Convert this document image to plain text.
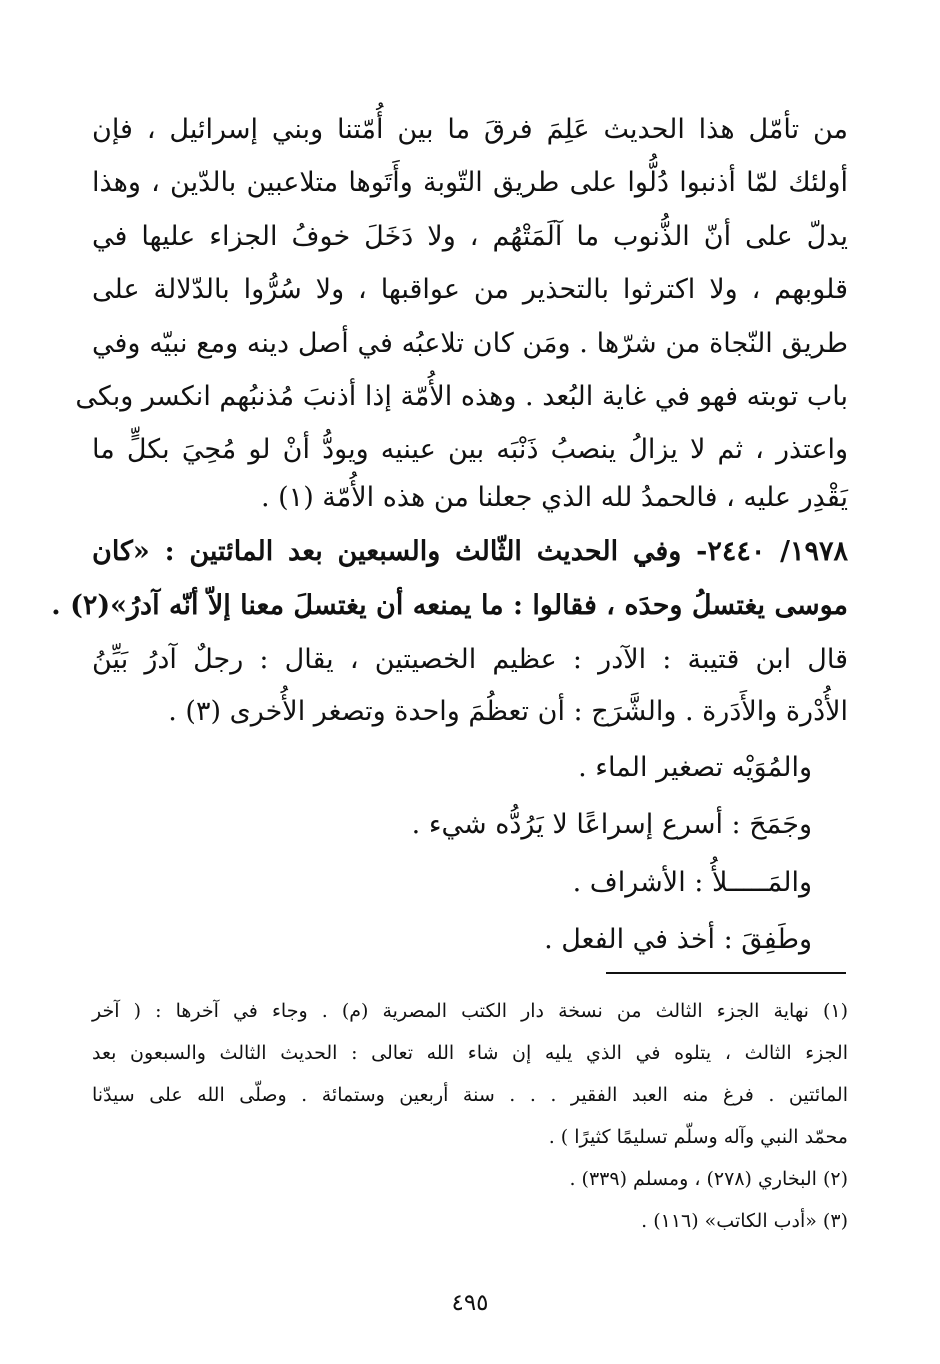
من تأمّل هذا الحديث عَلِمَ فرقَ ما بين أُمّتنا وبني إسرائيل ، فإن
أولئك لمّا أذنبوا دُلُّوا على طريق التّوبة وأَتَوها متلاعبين بالدّين ، وهذا
يدلّ على أنّ الذُّنوب ما آلَمَتْهُم ، ولا دَخَلَ خوفُ الجزاء عليها في
قلوبهم ، ولا اكترثوا بالتحذير من عواقبها ، ولا سُرُّوا بالدّلالة على
طريق النّجاة من شرّها . ومَن كان تلاعبُه في أصل دينه ومع نبيّه وفي
باب توبته فهو في غاية البُعد . وهذه الأُمّة إذا أذنبَ مُذنبُهم انكسر وبكى
واعتذر ، ثم لا يزالُ ينصبُ ذَنْبَه بين عينيه ويودُّ أنْ لو مُحِيَ بكلٍّ ما
يَقْدِر عليه ، فالحمدُ لله الذي جعلنا من هذه الأُمّة (١) .
١٩٧٨/ ٢٤٤٠- وفي الحديث الثّالث والسبعين بعد المائتين : «كان
موسى يغتسلُ وحدَه ، فقالوا : ما يمنعه أن يغتسلَ معنا إلاّ أنّه آدرُ»(٢) .
قال ابن قتيبة : الآدر : عظيم الخصيتين ، يقال : رجلٌ آدرُ بَيِّنُ
الأُدْرة والأَدَرة . والشَّرَج : أن تعظُمَ واحدة وتصغر الأُخرى (٣) .
والمُوَيْه تصغير الماء .
وجَمَحَ : أسرع إسراعًا لا يَرُدُّه شيء .
والمَـــــلأُ : الأشراف .
وطَفِقَ : أخذ في الفعل .
(١) نهاية الجزء الثالث من نسخة دار الكتب المصرية (م) . وجاء في آخرها : ( آخر
الجزء الثالث ، يتلوه في الذي يليه إن شاء الله تعالى : الحديث الثالث والسبعون بعد
المائتين . فرغ منه العبد الفقير . . . سنة أربعين وستمائة . وصلّى الله على سيدّنا
محمّد النبي وآله وسلّم تسليمًا كثيرًا ) .
(٢) البخاري (٢٧٨) ، ومسلم (٣٣٩) .
(٣) «أدب الكاتب» (١١٦) .
٤٩٥
